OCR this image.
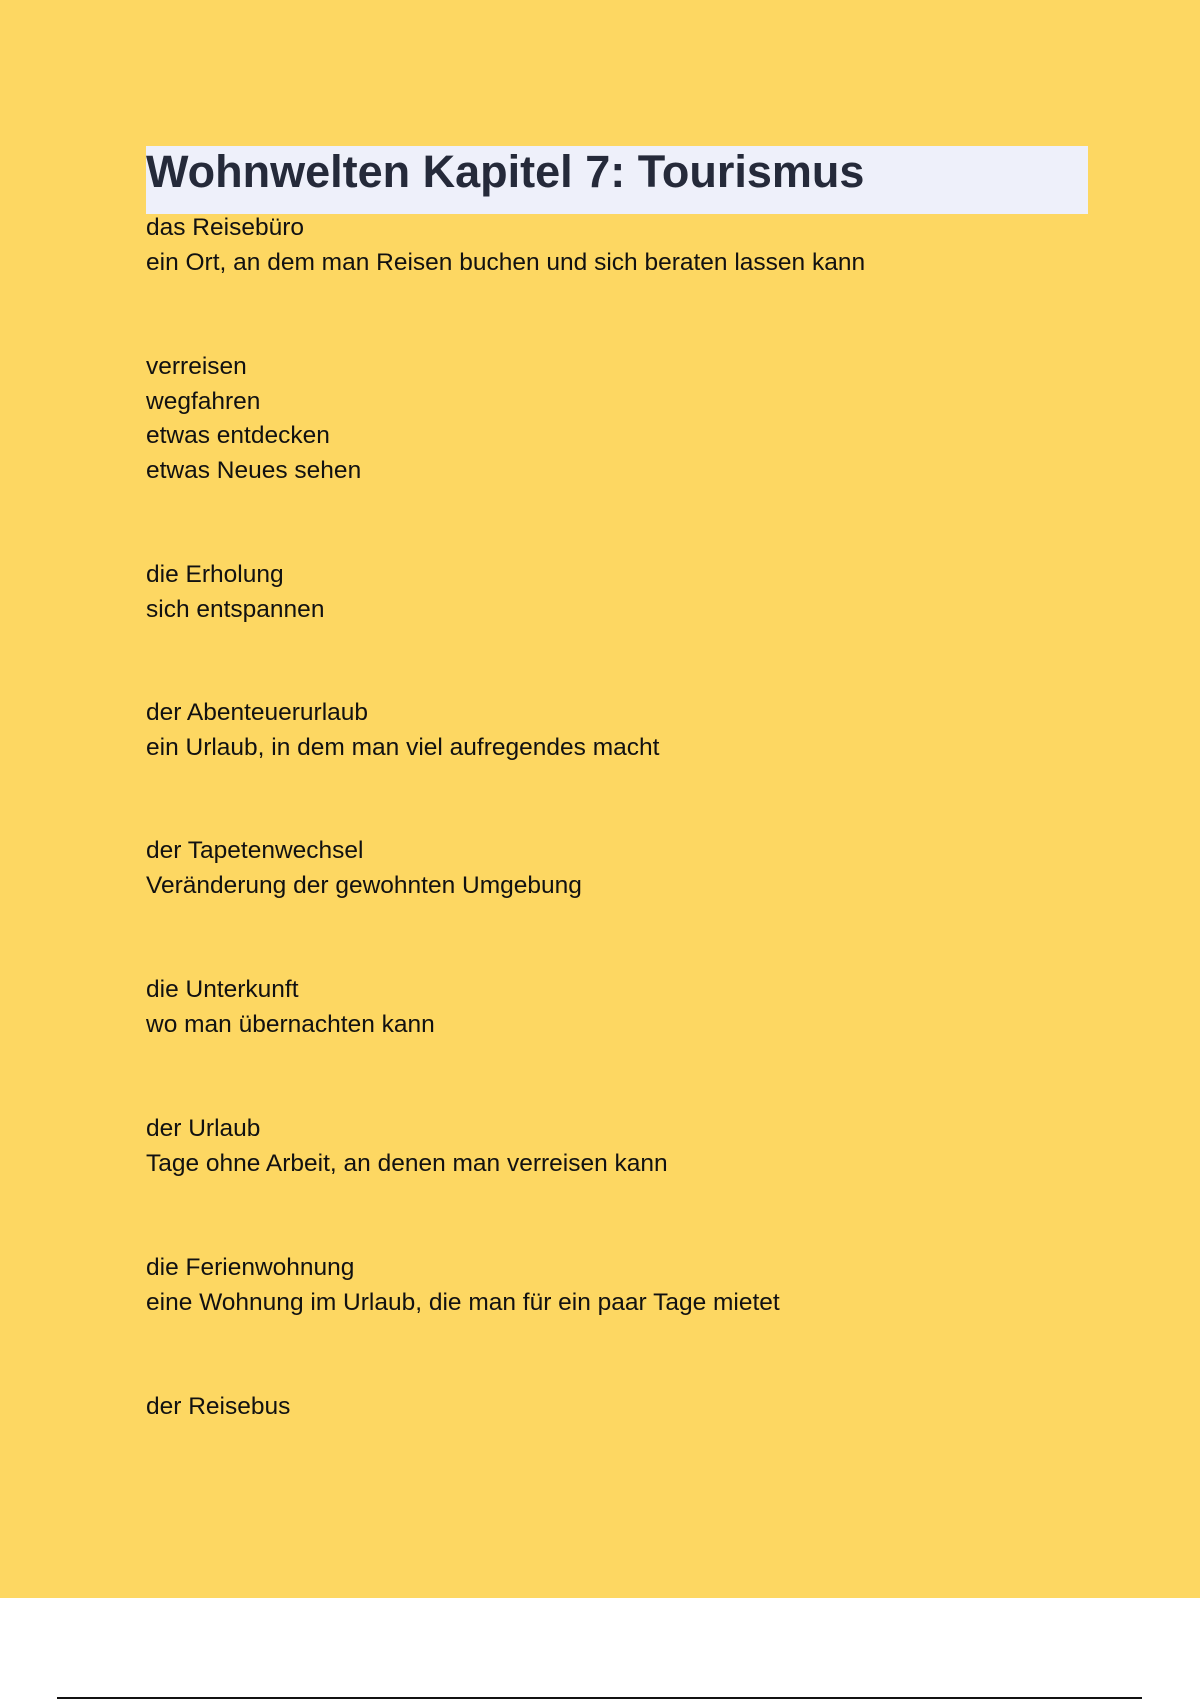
Wohnwelten Kapitel 7: Tourismus
das Reisebüro
ein Ort, an dem man Reisen buchen und sich beraten lassen kann
verreisen
wegfahren
etwas entdecken
etwas Neues sehen
die Erholung
sich entspannen
der Abenteuerurlaub
ein Urlaub, in dem man viel aufregendes macht
der Tapetenwechsel
Veränderung der gewohnten Umgebung
die Unterkunft
wo man übernachten kann
der Urlaub
Tage ohne Arbeit, an denen man verreisen kann
die Ferienwohnung
eine Wohnung im Urlaub, die man für ein paar Tage mietet
der Reisebus
